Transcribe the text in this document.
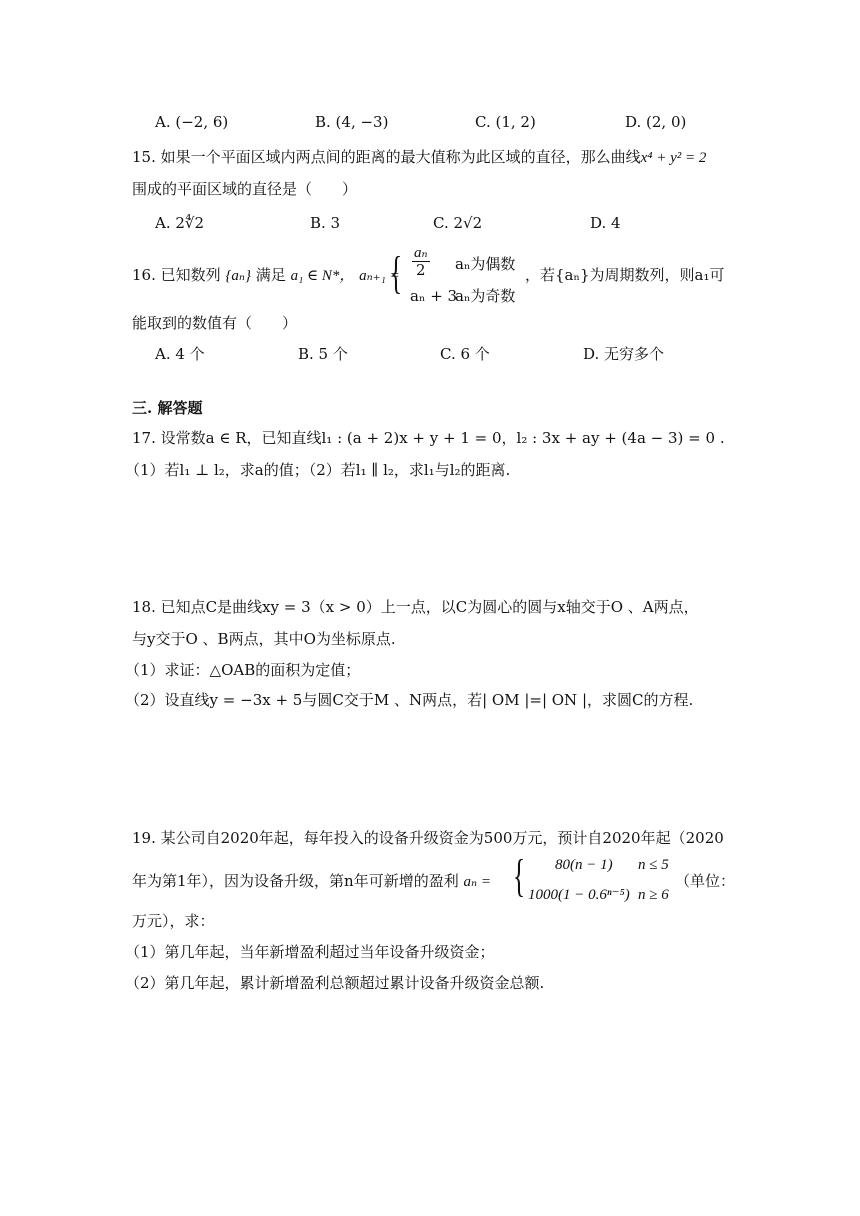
A. (−2, 6)	B. (4, −3)	C. (1, 2)	D. (2, 0)
15. 如果一个平面区域内两点间的距离的最大值称为此区域的直径，那么曲线x⁴ + y² = 2
围成的平面区域的直径是（　　）
A. 2∜2	B. 3	C. 2√2	D. 4
16. 已知数列 {aₙ} 满足 a₁ ∈ N*， aₙ₊₁ =
{ $\frac{\text{aₙ}}{2}$ aₙ为偶数
aₙ + 3
aₙ为奇数
，若{aₙ}为周期数列，则a₁可
能取到的数值有（　　）
A. 4 个	B. 5 个	C. 6 个	D. 无穷多个
三. 解答题
17. 设常数a ∈ R，已知直线l₁ : (a + 2)x + y + 1 = 0，l₂ : 3x + ay + (4a − 3) = 0 .
（1）若l₁ ⊥ l₂，求a的值；（2）若l₁ ∥ l₂，求l₁与l₂的距离.
18. 已知点C是曲线xy = 3（x > 0）上一点，以C为圆心的圆与x轴交于O 、A两点，
与y交于O 、B两点，其中O为坐标原点.
（1）求证：△OAB的面积为定值；
（2）设直线y = −3x + 5与圆C交于M 、N两点，若| OM |=| ON |，求圆C的方程.
19. 某公司自2020年起，每年投入的设备升级资金为500万元，预计自2020年起（2020
年为第1年），因为设备升级，第n年可新增的盈利 aₙ = { 80(n − 1) n ≤ 5
1000(1 − 0.6ⁿ⁻⁵) n ≥ 6
（单位：
万元），求：
（1）第几年起，当年新增盈利超过当年设备升级资金；
（2）第几年起，累计新增盈利总额超过累计设备升级资金总额.
